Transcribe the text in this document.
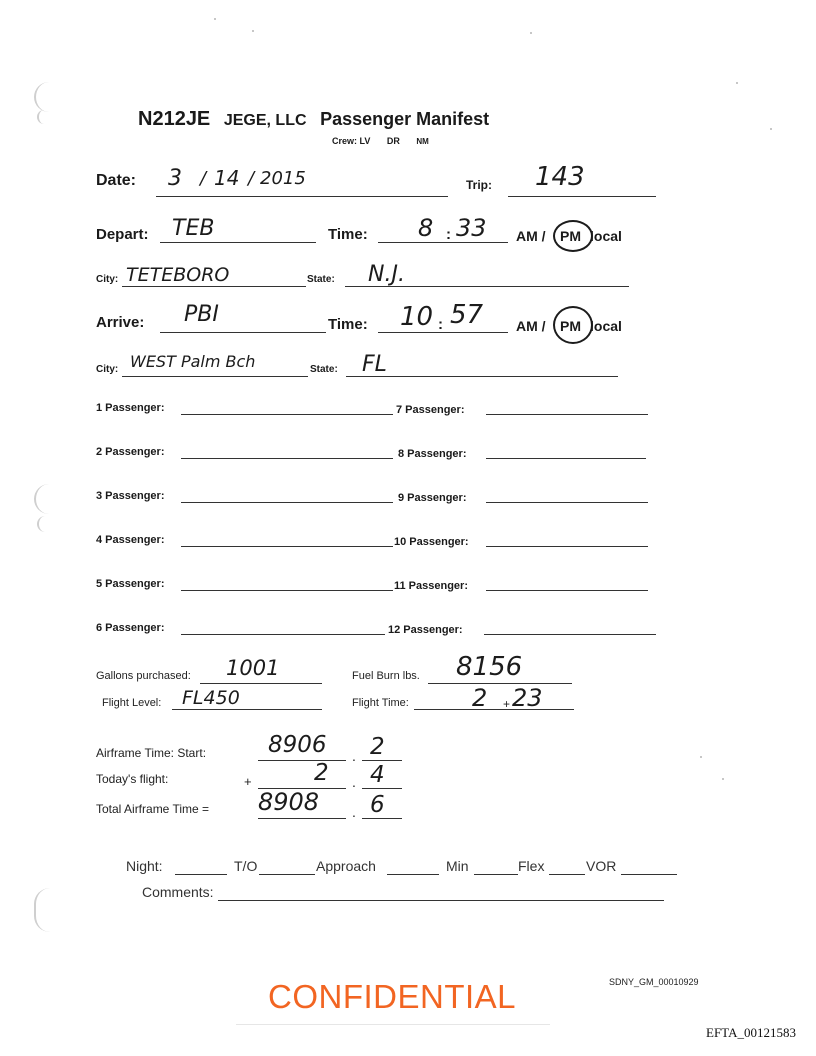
N212JE JEGE, LLC Passenger Manifest
Crew: LV DR NM
Date: 3 / 14 / 2015	Trip: 143
Depart: TEB	Time: 8 : 33 AM / PM local
City: TETEBORO	State: N.J.
Arrive: PBI	Time: 10 : 57 AM / PM local
City: WEST Palm Bch	State: FL
1 Passenger:	7 Passenger:
2 Passenger:	8 Passenger:
3 Passenger:	9 Passenger:
4 Passenger:	10 Passenger:
5 Passenger:	11 Passenger:
6 Passenger:	12 Passenger:
Gallons purchased: 1001	Fuel Burn lbs. 8156
Flight Level: FL450	Flight Time:	2 + 23
Airframe Time: Start:	8906 . 2
Today's flight:	+	2 . 4
Total Airframe Time = 8908 . 6
Night:	T/O	Approach	Min	Flex	VOR
Comments:
CONFIDENTIAL	SDNY_GM_00010929
EFTA_00121583
